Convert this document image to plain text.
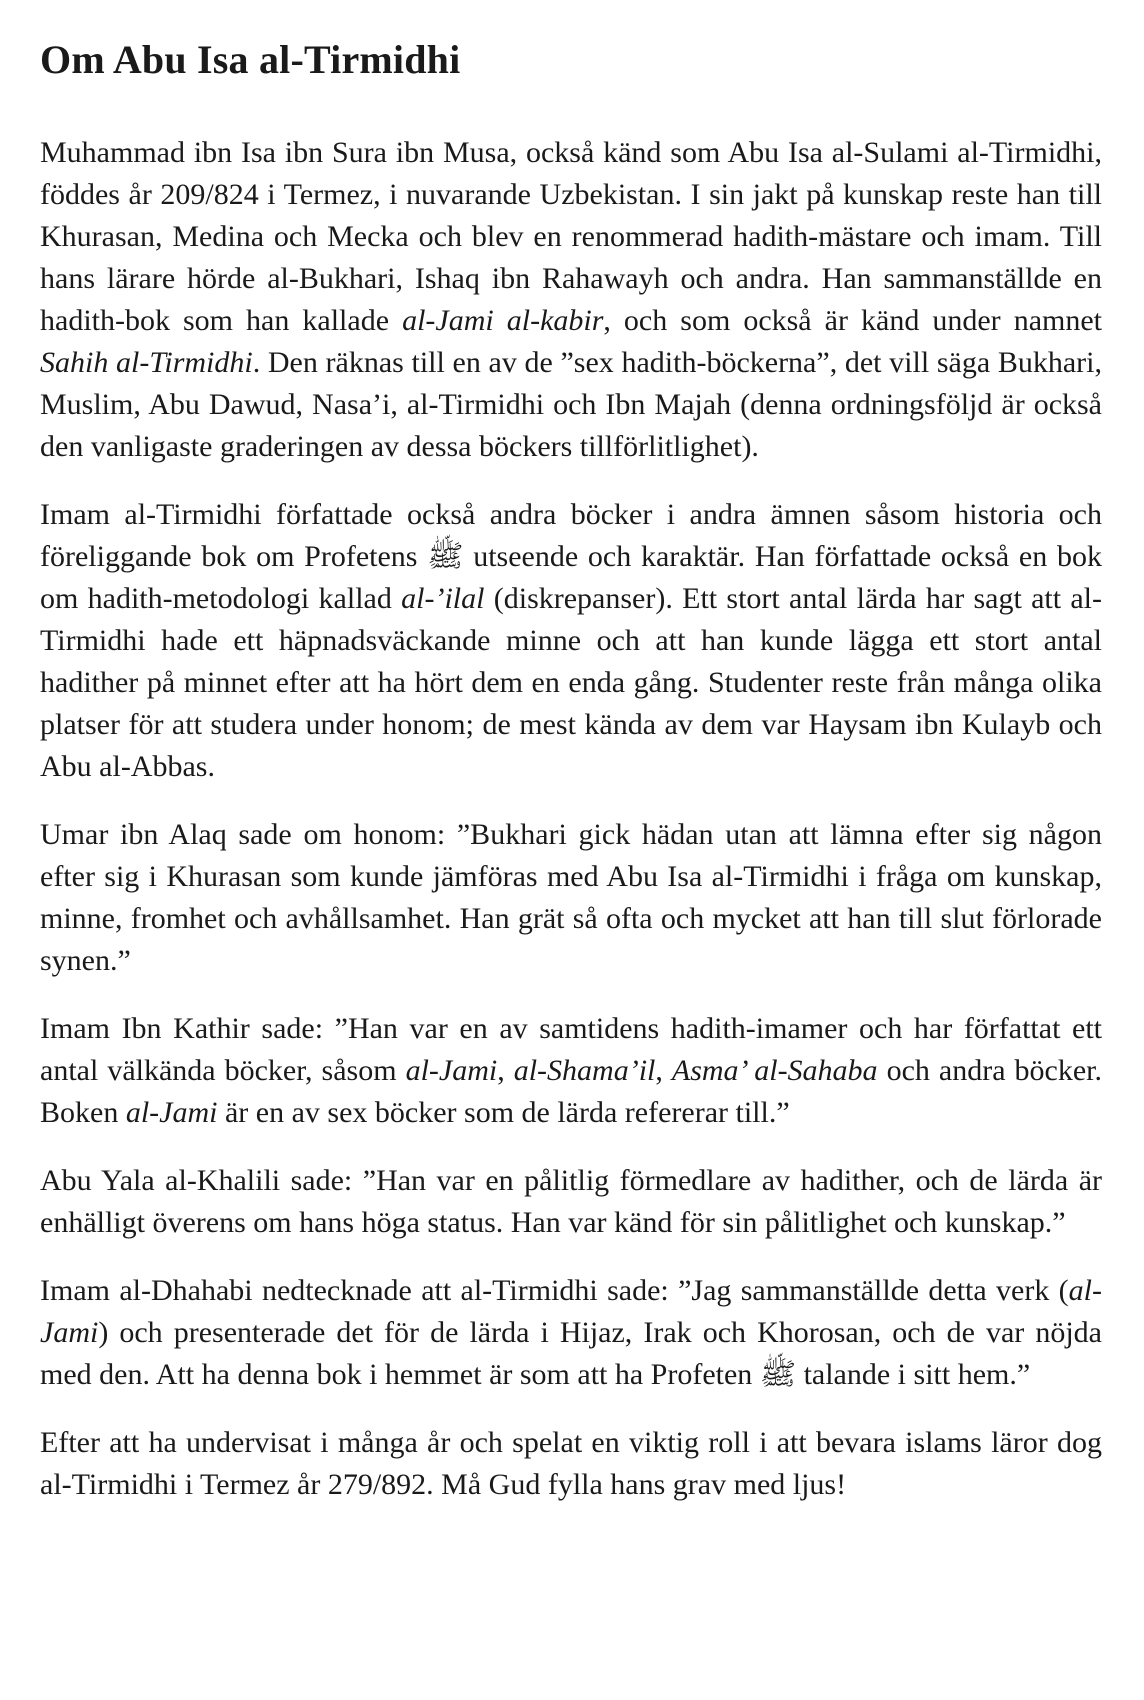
Om Abu Isa al-Tirmidhi

Muhammad ibn Isa ibn Sura ibn Musa, också känd som Abu Isa al-Sulami al-Tirmidhi, föddes år 209/824 i Termez, i nuvarande Uzbekistan. I sin jakt på kunskap reste han till Khurasan, Medina och Mecka och blev en renommerad hadith-mästare och imam. Till hans lärare hörde al-Bukhari, Ishaq ibn Rahawayh och andra. Han sammanställde en hadith-bok som han kallade al-Jami al-kabir, och som också är känd under namnet Sahih al-Tirmidhi. Den räknas till en av de ”sex hadith-böckerna”, det vill säga Bukhari, Muslim, Abu Dawud, Nasa’i, al-Tirmidhi och Ibn Majah (denna ordningsföljd är också den vanligaste graderingen av dessa böckers tillförlitlighet).

Imam al-Tirmidhi författade också andra böcker i andra ämnen såsom historia och föreliggande bok om Profetens ﷺ utseende och karaktär. Han författade också en bok om hadith-metodologi kallad al-’ilal (diskrepanser). Ett stort antal lärda har sagt att al-Tirmidhi hade ett häpnadsväckande minne och att han kunde lägga ett stort antal hadither på minnet efter att ha hört dem en enda gång. Studenter reste från många olika platser för att studera under honom; de mest kända av dem var Haysam ibn Kulayb och Abu al-Abbas.

Umar ibn Alaq sade om honom: ”Bukhari gick hädan utan att lämna efter sig någon efter sig i Khurasan som kunde jämföras med Abu Isa al-Tirmidhi i fråga om kunskap, minne, fromhet och avhållsamhet. Han grät så ofta och mycket att han till slut förlorade synen.”

Imam Ibn Kathir sade: ”Han var en av samtidens hadith-imamer och har författat ett antal välkända böcker, såsom al-Jami, al-Shama’il, Asma’ al-Sahaba och andra böcker. Boken al-Jami är en av sex böcker som de lärda refererar till.”

Abu Yala al-Khalili sade: ”Han var en pålitlig förmedlare av hadither, och de lärda är enhälligt överens om hans höga status. Han var känd för sin pålitlighet och kunskap.”

Imam al-Dhahabi nedtecknade att al-Tirmidhi sade: ”Jag sammanställde detta verk (al-Jami) och presenterade det för de lärda i Hijaz, Irak och Khorosan, och de var nöjda med den. Att ha denna bok i hemmet är som att ha Profeten ﷺ talande i sitt hem.”

Efter att ha undervisat i många år och spelat en viktig roll i att bevara islams läror dog al-Tirmidhi i Termez år 279/892. Må Gud fylla hans grav med ljus!
